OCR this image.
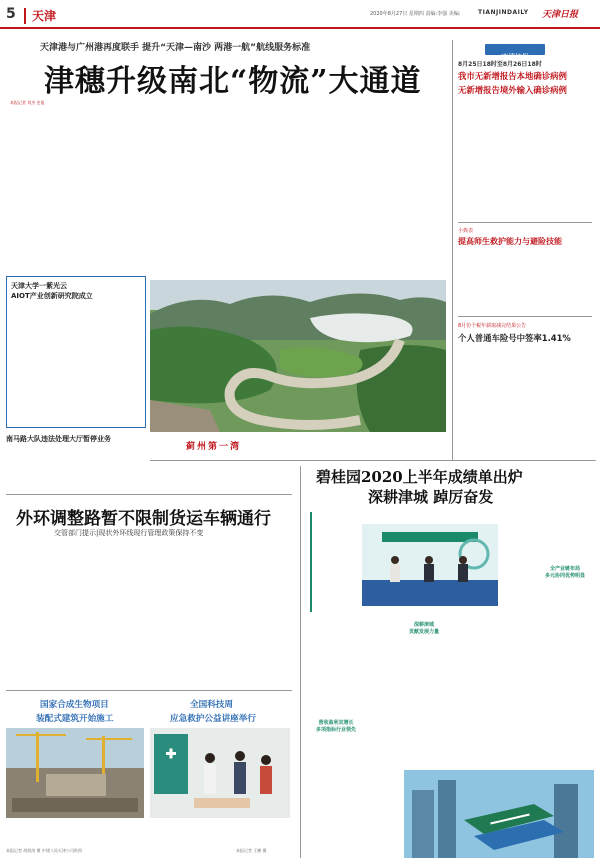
5 天津	2020年8月27日 星期四 责编:李强 美编:	TIANJINDAILY 天津日报
天津港与广州港再度联手 提升“天津—南沙 两港一航”航线服务标准
津穗升级南北“物流”大通道
本报记者 刘杰 史旭
疫情快报
8月25日18时至8月26日18时
我市无新增报告本地确诊病例
无新增报告境外输入确诊病例
小典表
提高师生救护能力与避险技能
8月份个税年薪取减完结果公告
个人普通车险号中签率1.41%
天津大学一紫光云
AIOT产业创新研究院成立
南马路大队违法处理大厅暂停业务
蓟州第一湾
外环调整路暂不限制货运车辆通行
交管部门提示|现状外环线现行管理政策保持不变
碧桂园2020上半年成绩单出炉
深耕津城 踔厉奋发
深耕津城
贡献发展力量
全产业链布局
多元协同优势明显
营收盈利双增长
多项指标行业领先
国家合成生物项目
装配式建筑开始施工
本报记者 胡润岗 摄 中建八局天津公司供图
全国科技周
应急救护公益讲座举行
本报记者 王鹏 摄
